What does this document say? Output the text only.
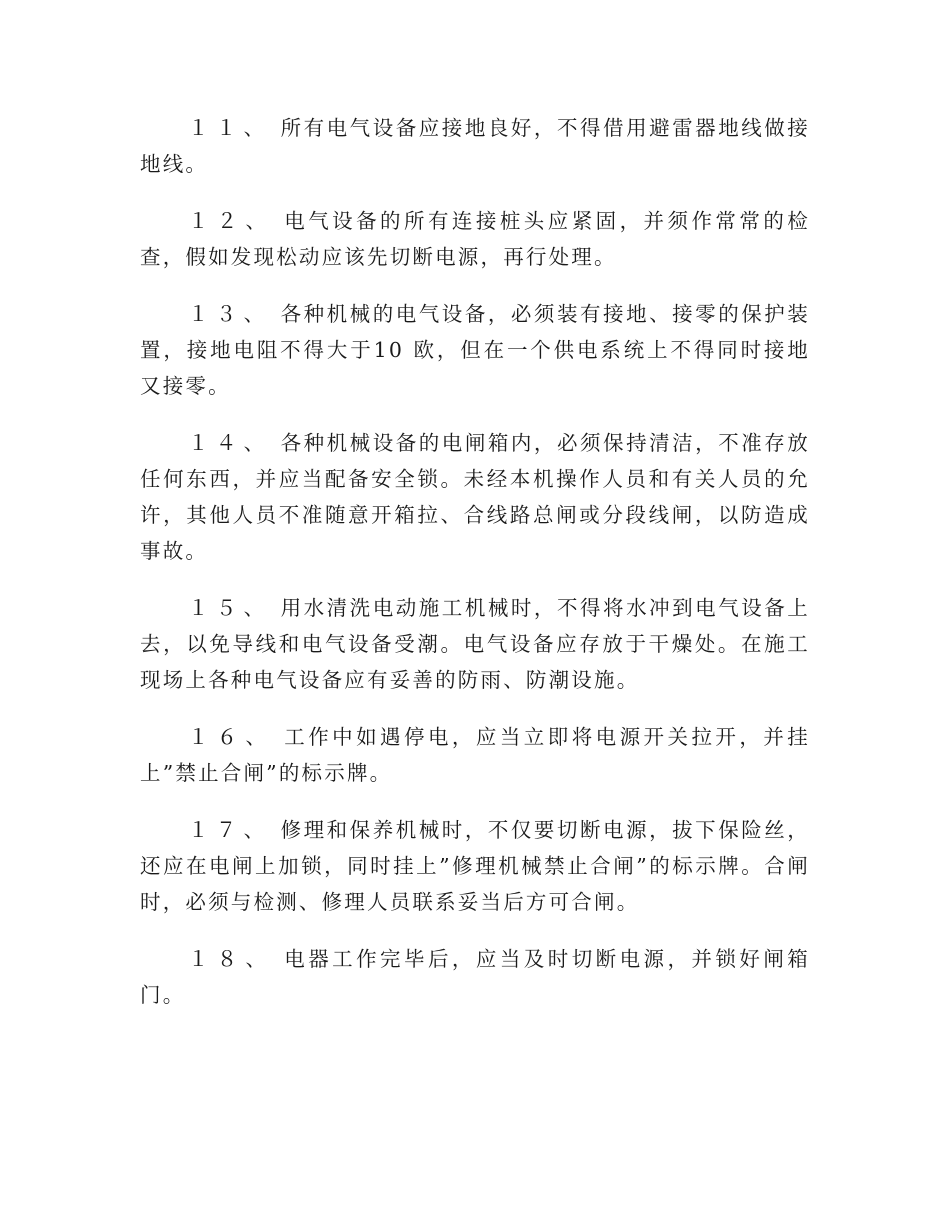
１１、 所有电气设备应接地良好，不得借用避雷器地线做接地线。

１２、 电气设备的所有连接桩头应紧固，并须作常常的检查，假如发现松动应该先切断电源，再行处理。

１３、 各种机械的电气设备，必须装有接地、接零的保护装置，接地电阻不得大于10 欧，但在一个供电系统上不得同时接地又接零。

１４、 各种机械设备的电闸箱内，必须保持清洁，不准存放任何东西，并应当配备安全锁。未经本机操作人员和有关人员的允许，其他人员不准随意开箱拉、合线路总闸或分段线闸，以防造成事故。

１５、 用水清洗电动施工机械时，不得将水冲到电气设备上去，以免导线和电气设备受潮。电气设备应存放于干燥处。在施工现场上各种电气设备应有妥善的防雨、防潮设施。

１６、 工作中如遇停电，应当立即将电源开关拉开，并挂上”禁止合闸”的标示牌。

１７、 修理和保养机械时，不仅要切断电源，拔下保险丝，还应在电闸上加锁，同时挂上”修理机械禁止合闸”的标示牌。合闸时，必须与检测、修理人员联系妥当后方可合闸。

１８、 电器工作完毕后，应当及时切断电源，并锁好闸箱门。
